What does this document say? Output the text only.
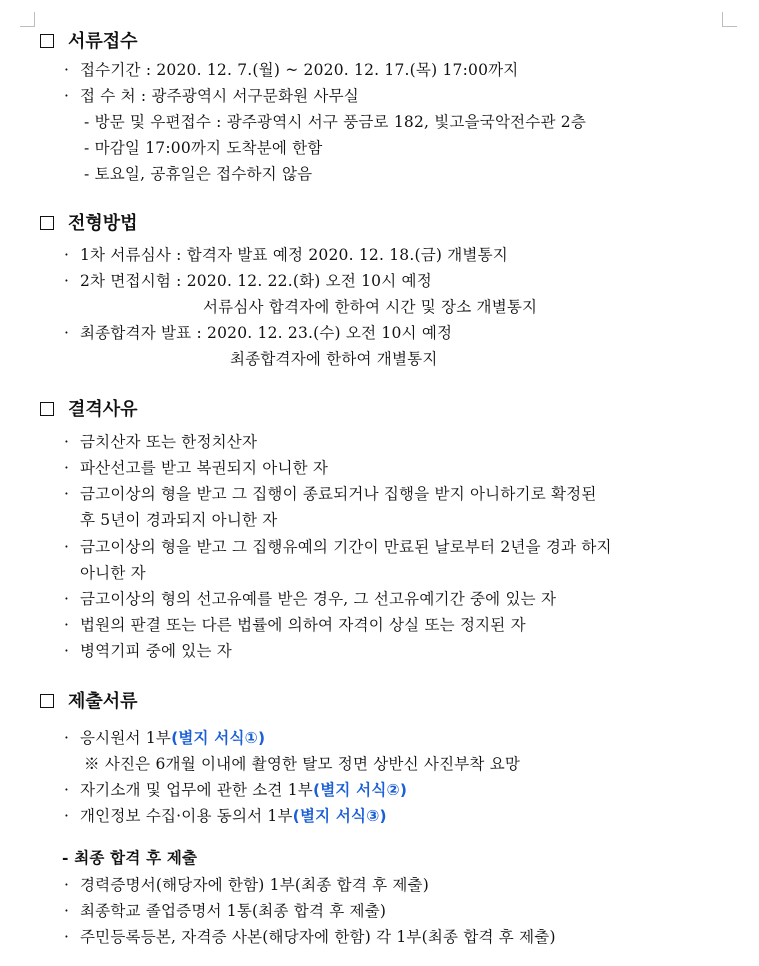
서류접수
· 접수기간 : 2020. 12. 7.(월) ~ 2020. 12. 17.(목) 17:00까지
· 접 수 처 : 광주광역시 서구문화원 사무실
- 방문 및 우편접수 : 광주광역시 서구 풍금로 182, 빛고을국악전수관 2층
- 마감일 17:00까지 도착분에 한함
- 토요일, 공휴일은 접수하지 않음
전형방법
· 1차 서류심사 : 합격자 발표 예정 2020. 12. 18.(금) 개별통지
· 2차 면접시험 : 2020. 12. 22.(화) 오전 10시 예정
서류심사 합격자에 한하여 시간 및 장소 개별통지
· 최종합격자 발표 : 2020. 12. 23.(수) 오전 10시 예정
최종합격자에 한하여 개별통지
결격사유
· 금치산자 또는 한정치산자
· 파산선고를 받고 복권되지 아니한 자
· 금고이상의 형을 받고 그 집행이 종료되거나 집행을 받지 아니하기로 확정된
후 5년이 경과되지 아니한 자
· 금고이상의 형을 받고 그 집행유예의 기간이 만료된 날로부터 2년을 경과 하지
아니한 자
· 금고이상의 형의 선고유예를 받은 경우, 그 선고유예기간 중에 있는 자
· 법원의 판결 또는 다른 법률에 의하여 자격이 상실 또는 정지된 자
· 병역기피 중에 있는 자
제출서류
· 응시원서 1부(별지 서식①)
※ 사진은 6개월 이내에 촬영한 탈모 정면 상반신 사진부착 요망
· 자기소개 및 업무에 관한 소견 1부(별지 서식②)
· 개인정보 수집·이용 동의서 1부(별지 서식③)
- 최종 합격 후 제출
· 경력증명서(해당자에 한함) 1부(최종 합격 후 제출)
· 최종학교 졸업증명서 1통(최종 합격 후 제출)
· 주민등록등본, 자격증 사본(해당자에 한함) 각 1부(최종 합격 후 제출)
